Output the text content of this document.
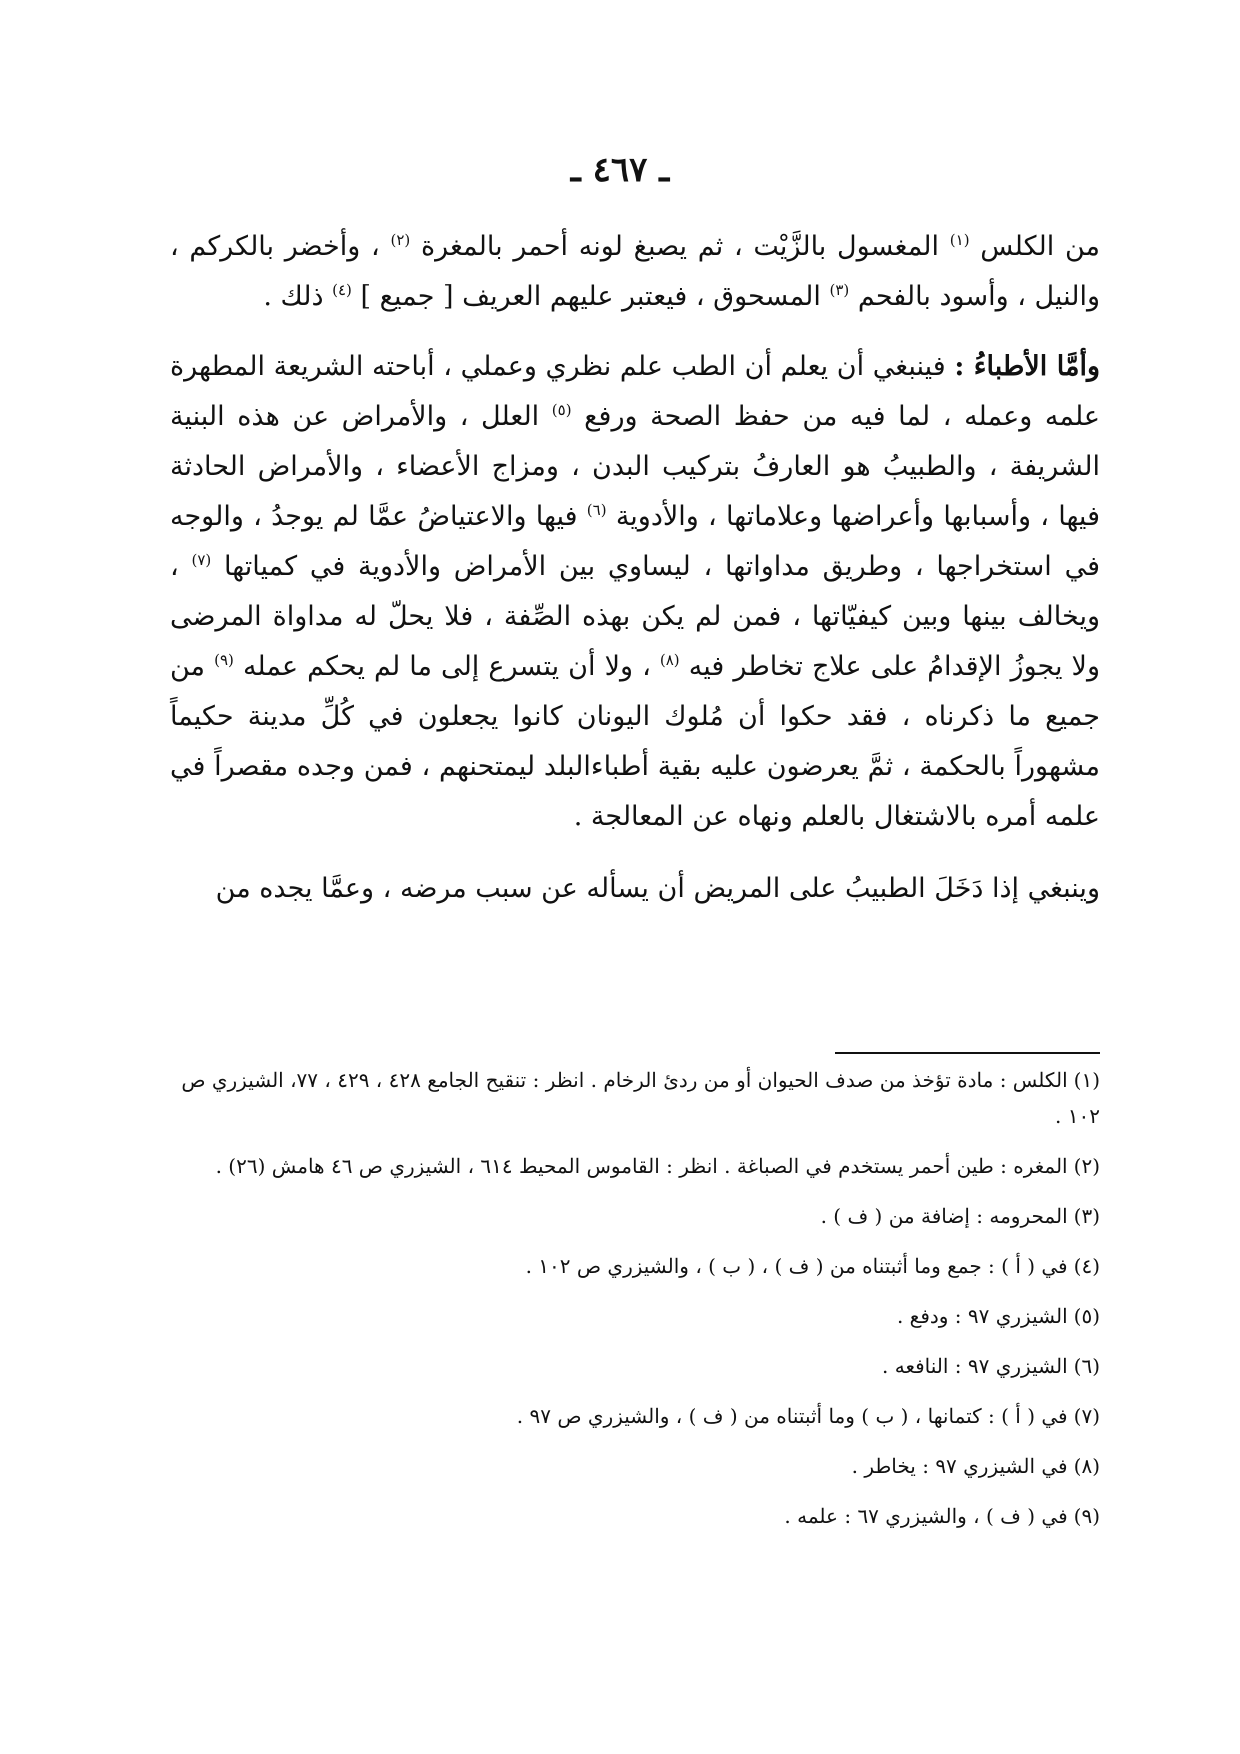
ـ ٤٦٧ ـ

من الكلس $^{(١)}$ المغسول بالزَّيْت ، ثم يصبغ لونه أحمر بالمغرة $^{(٢)}$ ، وأخضر بالكركم ، والنيل ، وأسود بالفحم $^{(٣)}$ المسحوق ، فيعتبر عليهم العريف [ جميع ] $^{(٤)}$ ذلك .

وأمَّا الأطباءُ : فينبغي أن يعلم أن الطب علم نظري وعملي ، أباحته الشريعة المطهرة علمه وعمله ، لما فيه من حفظ الصحة ورفع $^{(٥)}$ العلل ، والأمراض عن هذه البنية الشريفة ، والطبيبُ هو العارفُ بتركيب البدن ، ومزاج الأعضاء ، والأمراض الحادثة فيها ، وأسبابها وأعراضها وعلاماتها ، والأدوية $^{(٦)}$ فيها والاعتياضُ عمَّا لم يوجدُ ، والوجه في استخراجها ، وطريق مداواتها ، ليساوي بين الأمراض والأدوية في كمياتها $^{(٧)}$ ، ويخالف بينها وبين كيفيّاتها ، فمن لم يكن بهذه الصِّفة ، فلا يحلّ له مداواة المرضى ولا يجوزُ الإقدامُ على علاج تخاطر فيه $^{(٨)}$ ، ولا أن يتسرع إلى ما لم يحكم عمله $^{(٩)}$ من جميع ما ذكرناه ، فقد حكوا أن مُلوك اليونان كانوا يجعلون في كُلِّ مدينة حكيماً مشهوراً بالحكمة ، ثمَّ يعرضون عليه بقية أطباءالبلد ليمتحنهم ، فمن وجده مقصراً في علمه أمره بالاشتغال بالعلم ونهاه عن المعالجة .

وينبغي إذا دَخَلَ الطبيبُ على المريض أن يسأله عن سبب مرضه ، وعمَّا يجده من

(١)الكلس : مادة تؤخذ من صدف الحيوان أو من ردئ الرخام . انظر : تنقيح الجامع ٤٢٨ ، ٤٢٩ ، ٧٧، الشيزري ص ١٠٢ .

(٢)المغره : طين أحمر يستخدم في الصباغة . انظر : القاموس المحيط ٦١٤ ، الشيزري ص ٤٦ هامش (٢٦) .

(٣)المحرومه : إضافة من ( ف ) .

(٤)في ( أ ) : جمع وما أثبتناه من ( ف ) ، ( ب ) ، والشيزري ص ١٠٢ .

(٥)الشيزري ٩٧ : ودفع .

(٦)الشيزري ٩٧ : النافعه .

(٧)في ( أ ) : كتمانها ، ( ب ) وما أثبتناه من ( ف ) ، والشيزري ص ٩٧ .

(٨)في الشيزري ٩٧ : يخاطر .

(٩)في ( ف ) ، والشيزري ٦٧ : علمه .
